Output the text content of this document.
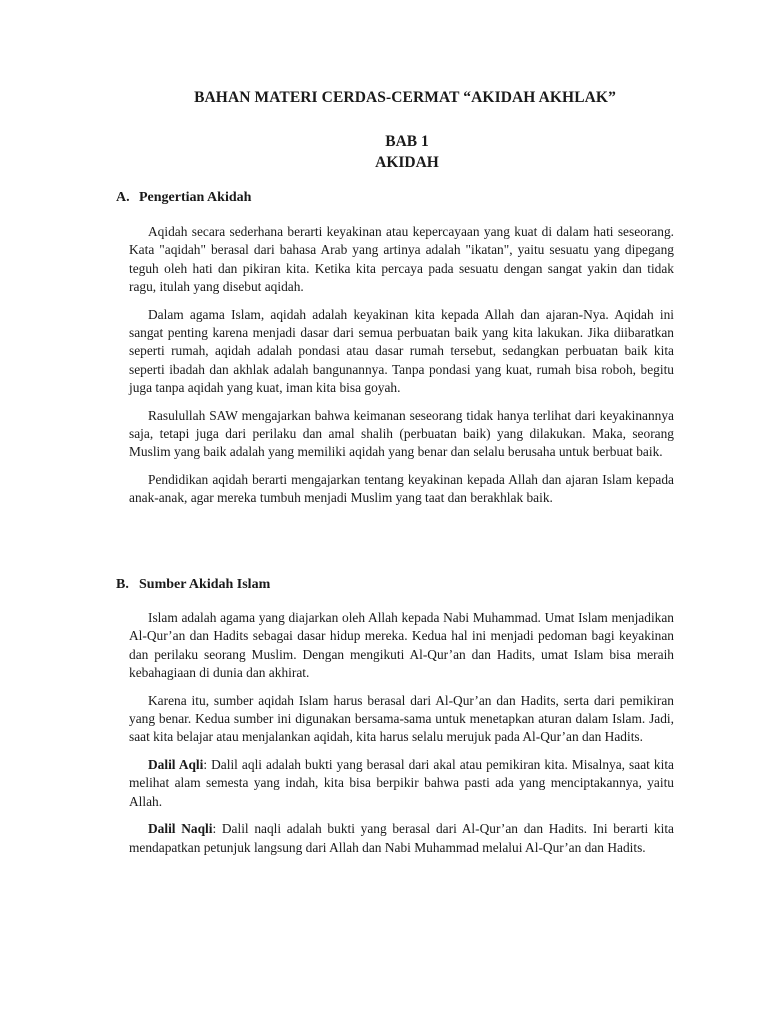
BAHAN MATERI CERDAS-CERMAT “AKIDAH AKHLAK”
BAB 1
AKIDAH
A. Pengertian Akidah

Aqidah secara sederhana berarti keyakinan atau kepercayaan yang kuat di dalam hati seseorang. Kata "aqidah" berasal dari bahasa Arab yang artinya adalah "ikatan", yaitu sesuatu yang dipegang teguh oleh hati dan pikiran kita. Ketika kita percaya pada sesuatu dengan sangat yakin dan tidak ragu, itulah yang disebut aqidah.

Dalam agama Islam, aqidah adalah keyakinan kita kepada Allah dan ajaran-Nya. Aqidah ini sangat penting karena menjadi dasar dari semua perbuatan baik yang kita lakukan. Jika diibaratkan seperti rumah, aqidah adalah pondasi atau dasar rumah tersebut, sedangkan perbuatan baik kita seperti ibadah dan akhlak adalah bangunannya. Tanpa pondasi yang kuat, rumah bisa roboh, begitu juga tanpa aqidah yang kuat, iman kita bisa goyah.

Rasulullah SAW mengajarkan bahwa keimanan seseorang tidak hanya terlihat dari keyakinannya saja, tetapi juga dari perilaku dan amal shalih (perbuatan baik) yang dilakukan. Maka, seorang Muslim yang baik adalah yang memiliki aqidah yang benar dan selalu berusaha untuk berbuat baik.

Pendidikan aqidah berarti mengajarkan tentang keyakinan kepada Allah dan ajaran Islam kepada anak-anak, agar mereka tumbuh menjadi Muslim yang taat dan berakhlak baik.

B. Sumber Akidah Islam

Islam adalah agama yang diajarkan oleh Allah kepada Nabi Muhammad. Umat Islam menjadikan Al-Qur’an dan Hadits sebagai dasar hidup mereka. Kedua hal ini menjadi pedoman bagi keyakinan dan perilaku seorang Muslim. Dengan mengikuti Al-Qur’an dan Hadits, umat Islam bisa meraih kebahagiaan di dunia dan akhirat.

Karena itu, sumber aqidah Islam harus berasal dari Al-Qur’an dan Hadits, serta dari pemikiran yang benar. Kedua sumber ini digunakan bersama-sama untuk menetapkan aturan dalam Islam. Jadi, saat kita belajar atau menjalankan aqidah, kita harus selalu merujuk pada Al-Qur’an dan Hadits.

Dalil Aqli: Dalil aqli adalah bukti yang berasal dari akal atau pemikiran kita. Misalnya, saat kita melihat alam semesta yang indah, kita bisa berpikir bahwa pasti ada yang menciptakannya, yaitu Allah.

Dalil Naqli: Dalil naqli adalah bukti yang berasal dari Al-Qur’an dan Hadits. Ini berarti kita mendapatkan petunjuk langsung dari Allah dan Nabi Muhammad melalui Al-Qur’an dan Hadits.
